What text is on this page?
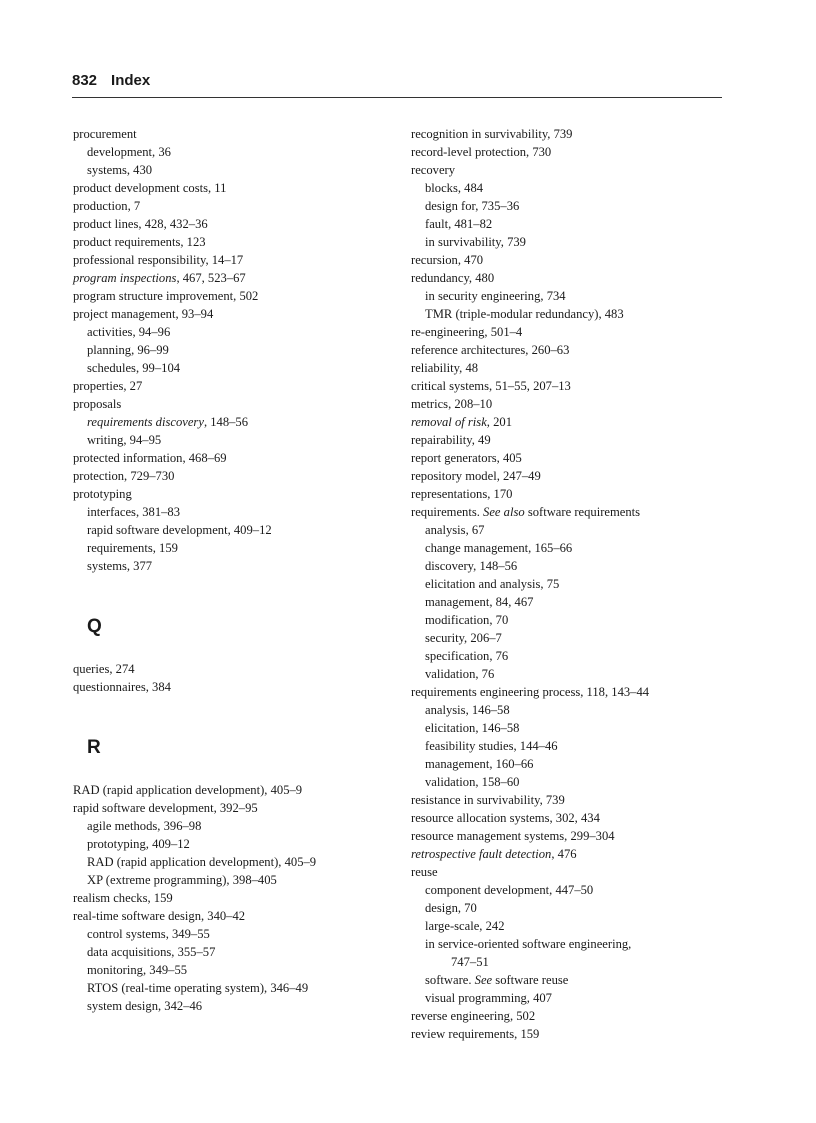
832 Index
procurement
development, 36
systems, 430
product development costs, 11
production, 7
product lines, 428, 432–36
product requirements, 123
professional responsibility, 14–17
program inspections, 467, 523–67
program structure improvement, 502
project management, 93–94
activities, 94–96
planning, 96–99
schedules, 99–104
properties, 27
proposals
requirements discovery, 148–56
writing, 94–95
protected information, 468–69
protection, 729–730
prototyping
interfaces, 381–83
rapid software development, 409–12
requirements, 159
systems, 377
Q
queries, 274
questionnaires, 384
R
RAD (rapid application development), 405–9
rapid software development, 392–95
agile methods, 396–98
prototyping, 409–12
RAD (rapid application development), 405–9
XP (extreme programming), 398–405
realism checks, 159
real-time software design, 340–42
control systems, 349–55
data acquisitions, 355–57
monitoring, 349–55
RTOS (real-time operating system), 346–49
system design, 342–46
recognition in survivability, 739
record-level protection, 730
recovery
blocks, 484
design for, 735–36
fault, 481–82
in survivability, 739
recursion, 470
redundancy, 480
in security engineering, 734
TMR (triple-modular redundancy), 483
re-engineering, 501–4
reference architectures, 260–63
reliability, 48
critical systems, 51–55, 207–13
metrics, 208–10
removal of risk, 201
repairability, 49
report generators, 405
repository model, 247–49
representations, 170
requirements. See also software requirements
analysis, 67
change management, 165–66
discovery, 148–56
elicitation and analysis, 75
management, 84, 467
modification, 70
security, 206–7
specification, 76
validation, 76
requirements engineering process, 118, 143–44
analysis, 146–58
elicitation, 146–58
feasibility studies, 144–46
management, 160–66
validation, 158–60
resistance in survivability, 739
resource allocation systems, 302, 434
resource management systems, 299–304
retrospective fault detection, 476
reuse
component development, 447–50
design, 70
large-scale, 242
in service-oriented software engineering,
747–51
software. See software reuse
visual programming, 407
reverse engineering, 502
review requirements, 159
